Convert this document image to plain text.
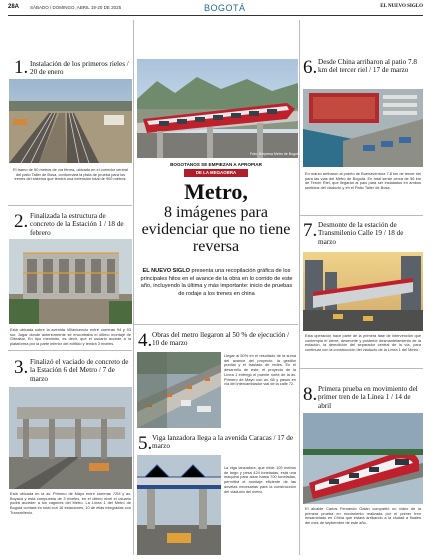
28A SÁBADO / DOMINGO, ABRIL 19-20 DE 2025	BOGOTÁ	EL NUEVO SIGLO
1. Instalación de los primeros rieles / 20 de enero
El tramo de 50 metros de vía férrea, ubicado en el corredor central del patio Taller de Bosa, conformará la pista de prueba para los trenes del sistema que tendrá una extensión total de 900 metros.
2. Finalizada la estructura de concreto de la Estación 1 / 18 de febrero
Está ubicada sobre la avenida Villavicencio entre carreras 94 y 93 sur. Jugar donde anteriormente se encontraba el último montaje de Gibraltar. En tipo menimito, es decir, que el usuario accede a la plataforma por la parte inferior del edificio y tendrá 3 niveles.
3. Finalizó el vaciado de concreto de la Estación 6 del Metro / 7 de marzo
Está ubicada en la av. Primero de Mayo entre carreras 72M y av. Boyacá y está compuesta de 3 niveles, en el último nivel el usuario podrá acceder a los vagones del Metro. La Línea 1 del Metro de Bogotá contará en total con 16 estaciones, 10 de ellas integradas con Transmilenio.
Foto: Empresa Metro de Bogotá
BOGOTANOS SE EMPIEZAN A APROPIAR
DE LA MEGAOBRA
Metro,
8 imágenes para evidenciar que no tiene reversa
EL NUEVO SIGLO presenta una recopilación gráfica de los principales hitos en el avance de la obra en lo corrido de este año, incluyendo la última y más importante: inicio de pruebas de rodaje a los trenes en china
4. Obras del metro llegaron al 50 % de ejecución / 10 de marzo
Llegar al 50% en el resultado de la suma del avance del proyecto, la gestión predial y el traslado de redes. En el desarrollo de este, el proyecto de la Línea 1 entregó el puente norte de la av. Primero de Mayo con av. 68 y pasos en vía del intercambiador vial de la calle 72.
5. Viga lanzadora llega a la avenida Caracas / 17 de marzo
La viga lanzadora, que mide 109 metros de largo y pesa 424 toneladas, está una máquina para alzar hasta 700 toneladas, permitirá el montaje eficiente de las dovelas necesarias para la construcción del viaducto del metro.
6. Desde China arribaron al patio 7.8 km del tercer riel / 17 de marzo
En marzo arribaron al puerto de Buenaventura 7.8 km de tercer riel para las vías del Metro de Bogotá. En total serán cerca de 56 km de Tercer Riel, que llegarán al país para ser instalados en ambos sentidos del viaducto y en el Patio Taller de Bosa.
7. Desmonte de la estación de Transmilenio Calle 19 / 18 de marzo
Esta operación hace parte de la primera fase de intervención que contempla el cierre, desmonte y posterior desmantelamiento de la estación, la demolición del separador central de la vía, para continuar con la construcción del viaducto de la Línea 1 del Metro.
8. Primera prueba en movimiento del primer tren de la Línea 1 / 14 de abril
El alcalde Carlos Fernando Galán compartió un video de la primera prueba en movimiento realizada por el primer tren ensamblado en China que estará arribando a la ciudad a finales del mes de septiembre de este año.
